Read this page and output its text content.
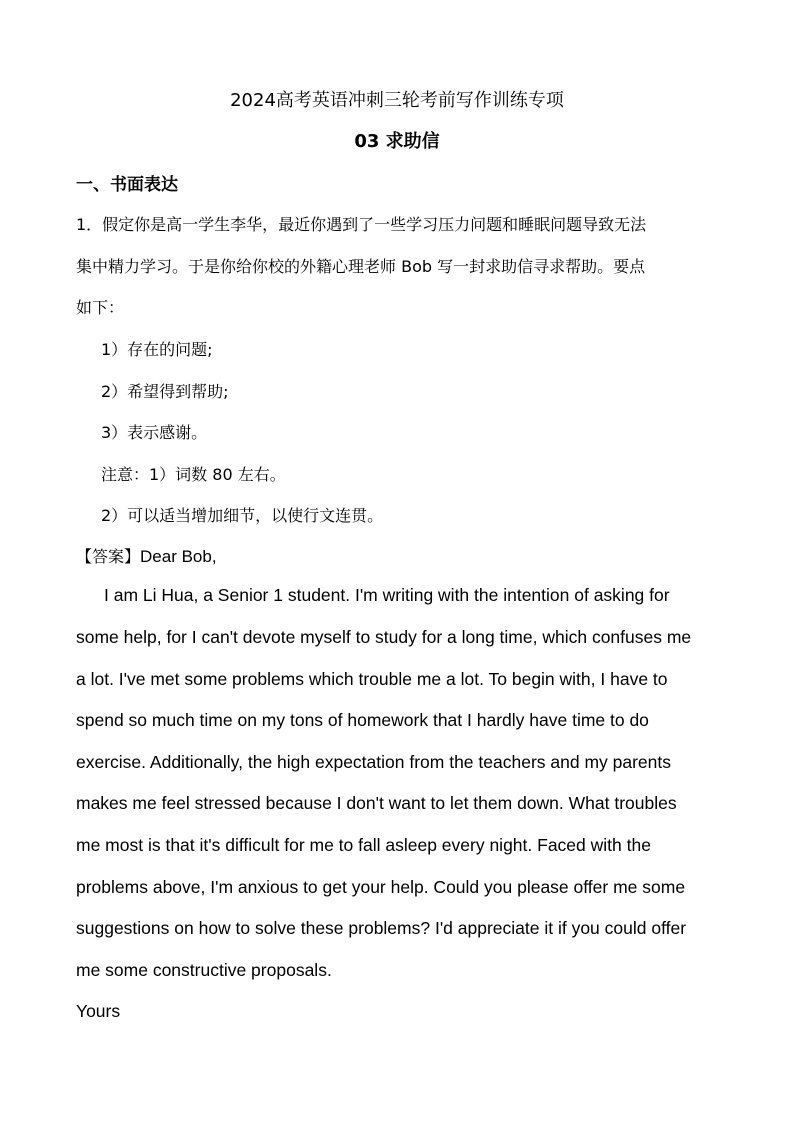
2024高考英语冲刺三轮考前写作训练专项
03 求助信
一、书面表达
1．假定你是高一学生李华，最近你遇到了一些学习压力问题和睡眠问题导致无法
集中精力学习。于是你给你校的外籍心理老师 Bob 写一封求助信寻求帮助。要点
如下：
1）存在的问题;
2）希望得到帮助;
3）表示感谢。
注意：1）词数 80 左右。
2）可以适当增加细节，以使行文连贯。
【答案】Dear Bob,
I am Li Hua, a Senior 1 student. I'm writing with the intention of asking for
some help, for I can't devote myself to study for a long time, which confuses me
a lot. I've met some problems which trouble me a lot. To begin with, I have to
spend so much time on my tons of homework that I hardly have time to do
exercise. Additionally, the high expectation from the teachers and my parents
makes me feel stressed because I don't want to let them down. What troubles
me most is that it's difficult for me to fall asleep every night. Faced with the
problems above, I'm anxious to get your help. Could you please offer me some
suggestions on how to solve these problems? I'd appreciate it if you could offer
me some constructive proposals.
Yours
